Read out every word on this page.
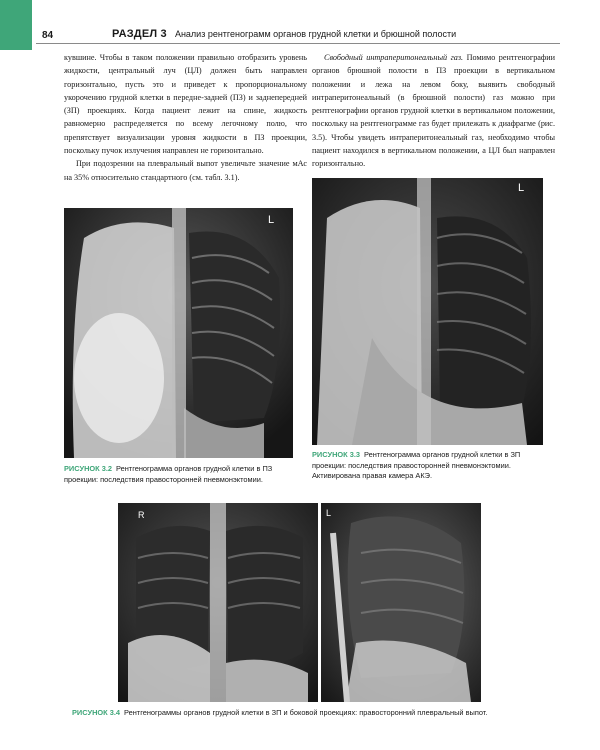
84	РАЗДЕЛ 3 Анализ рентгенограмм органов грудной клетки и брюшной полости

кувшине. Чтобы в таком положении правильно отобразить уровень жидкости, центральный луч (ЦЛ) должен быть направлен горизонтально, пусть это и приведет к пропорциональному укорочению грудной клетки в передне-задней (ПЗ) и заднепередней (ЗП) проекциях. Когда пациент лежит на спине, жидкость равномерно распределяется по всему легочному полю, что препятствует визуализации уровня жидкости в ПЗ проекции, поскольку пучок излучения направлен не горизонтально.

При подозрении на плевральный выпот увеличьте значение мАс на 35% относительно стандартного (см. табл. 3.1).

Свободный интраперитонеальный газ. Помимо рентгенографии органов брюшной полости в ПЗ проекции в вертикальном положении и лежа на левом боку, выявить свободный интраперитонеальный (в брюшной полости) газ можно при рентгенографии органов грудной клетки в вертикальном положении, поскольку на рентгенограмме газ будет прилежать к диафрагме (рис. 3.5). Чтобы увидеть интраперитонеальный газ, необходимо чтобы пациент находился в вертикальном положении, а ЦЛ был направлен горизонтально.

L
РИСУНОК 3.2 Рентгенограмма органов грудной клетки в ПЗ проекции: последствия правосторонней пневмонэктомии.
L
РИСУНОК 3.3 Рентгенограмма органов грудной клетки в ЗП проекции: последствия правосторонней пневмонэктомии. Активирована правая камера АКЭ.
R	L
РИСУНОК 3.4 Рентгенограммы органов грудной клетки в ЗП и боковой проекциях: правосторонний плевральный выпот.
